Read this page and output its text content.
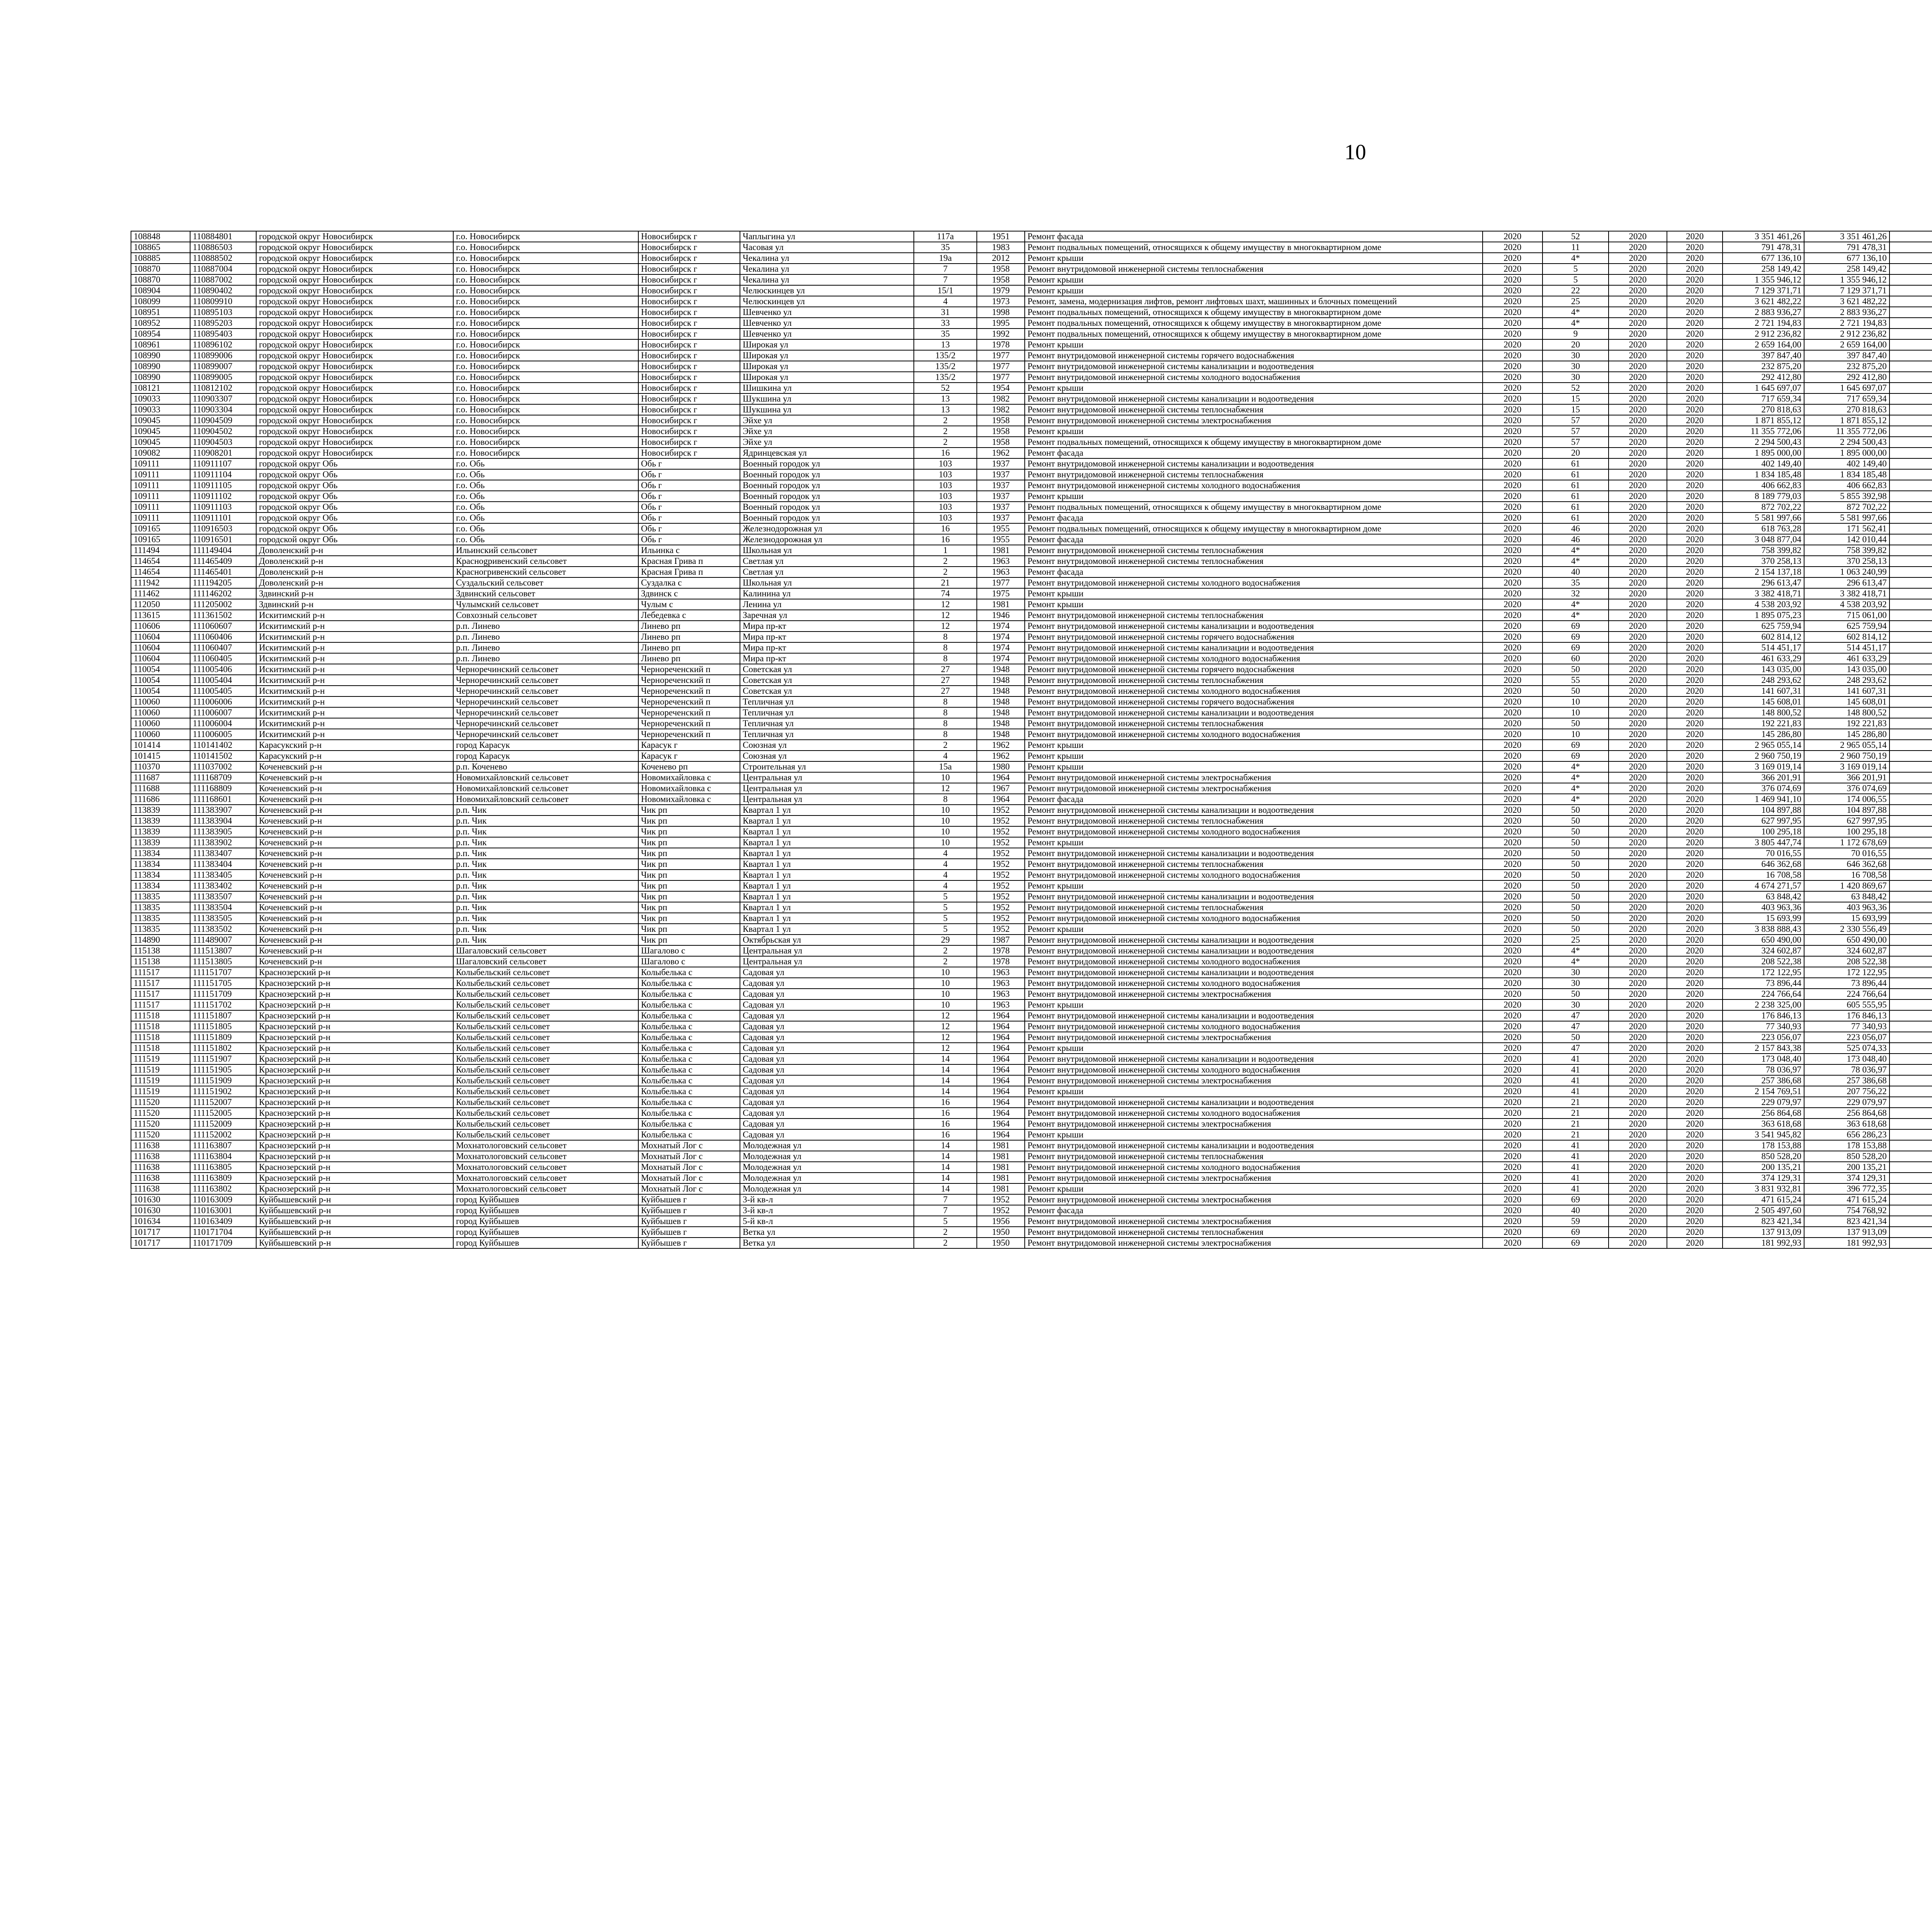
10
108848	110884801	городской округ Новосибирск	г.о. Новосибирск	Новосибирск г	Чаплыгина ул	117а	1951	Ремонт фасада	2020	52	2020	2020	3 351 461,26	3 351 461,26					
108865	110886503	городской округ Новосибирск	г.о. Новосибирск	Новосибирск г	Часовая ул	35	1983	Ремонт подвальных помещений, относящихся к общему имуществу в многоквартирном доме	2020	11	2020	2020	791 478,31	791 478,31					
108885	110888502	городской округ Новосибирск	г.о. Новосибирск	Новосибирск г	Чекалина ул	19а	2012	Ремонт крыши	2020	4*	2020	2020	677 136,10	677 136,10					
108870	110887004	городской округ Новосибирск	г.о. Новосибирск	Новосибирск г	Чекалина ул	7	1958	Ремонт внутридомовой инженерной системы теплоснабжения	2020	5	2020	2020	258 149,42	258 149,42					
108870	110887002	городской округ Новосибирск	г.о. Новосибирск	Новосибирск г	Чекалина ул	7	1958	Ремонт крыши	2020	5	2020	2020	1 355 946,12	1 355 946,12					
108904	110890402	городской округ Новосибирск	г.о. Новосибирск	Новосибирск г	Челюскинцев ул	15/1	1979	Ремонт крыши	2020	22	2020	2020	7 129 371,71	7 129 371,71					
108099	110809910	городской округ Новосибирск	г.о. Новосибирск	Новосибирск г	Челюскинцев ул	4	1973	Ремонт, замена, модернизация лифтов, ремонт лифтовых шахт, машинных и блочных помещений	2020	25	2020	2020	3 621 482,22	3 621 482,22					
108951	110895103	городской округ Новосибирск	г.о. Новосибирск	Новосибирск г	Шевченко ул	31	1998	Ремонт подвальных помещений, относящихся к общему имуществу в многоквартирном доме	2020	4*	2020	2020	2 883 936,27	2 883 936,27					
108952	110895203	городской округ Новосибирск	г.о. Новосибирск	Новосибирск г	Шевченко ул	33	1995	Ремонт подвальных помещений, относящихся к общему имуществу в многоквартирном доме	2020	4*	2020	2020	2 721 194,83	2 721 194,83					
108954	110895403	городской округ Новосибирск	г.о. Новосибирск	Новосибирск г	Шевченко ул	35	1992	Ремонт подвальных помещений, относящихся к общему имуществу в многоквартирном доме	2020	9	2020	2020	2 912 236,82	2 912 236,82					
108961	110896102	городской округ Новосибирск	г.о. Новосибирск	Новосибирск г	Широкая ул	13	1978	Ремонт крыши	2020	20	2020	2020	2 659 164,00	2 659 164,00					
108990	110899006	городской округ Новосибирск	г.о. Новосибирск	Новосибирск г	Широкая ул	135/2	1977	Ремонт внутридомовой инженерной системы горячего водоснабжения	2020	30	2020	2020	397 847,40	397 847,40					
108990	110899007	городской округ Новосибирск	г.о. Новосибирск	Новосибирск г	Широкая ул	135/2	1977	Ремонт внутридомовой инженерной системы канализации и водоотведения	2020	30	2020	2020	232 875,20	232 875,20					
108990	110899005	городской округ Новосибирск	г.о. Новосибирск	Новосибирск г	Широкая ул	135/2	1977	Ремонт внутридомовой инженерной системы холодного водоснабжения	2020	30	2020	2020	292 412,80	292 412,80					
108121	110812102	городской округ Новосибирск	г.о. Новосибирск	Новосибирск г	Шишкина ул	52	1954	Ремонт крыши	2020	52	2020	2020	1 645 697,07	1 645 697,07					
109033	110903307	городской округ Новосибирск	г.о. Новосибирск	Новосибирск г	Шукшина ул	13	1982	Ремонт внутридомовой инженерной системы канализации и водоотведения	2020	15	2020	2020	717 659,34	717 659,34					
109033	110903304	городской округ Новосибирск	г.о. Новосибирск	Новосибирск г	Шукшина ул	13	1982	Ремонт внутридомовой инженерной системы теплоснабжения	2020	15	2020	2020	270 818,63	270 818,63					
109045	110904509	городской округ Новосибирск	г.о. Новосибирск	Новосибирск г	Эйхе ул	2	1958	Ремонт внутридомовой инженерной системы электроснабжения	2020	57	2020	2020	1 871 855,12	1 871 855,12					
109045	110904502	городской округ Новосибирск	г.о. Новосибирск	Новосибирск г	Эйхе ул	2	1958	Ремонт крыши	2020	57	2020	2020	11 355 772,06	11 355 772,06					
109045	110904503	городской округ Новосибирск	г.о. Новосибирск	Новосибирск г	Эйхе ул	2	1958	Ремонт подвальных помещений, относящихся к общему имуществу в многоквартирном доме	2020	57	2020	2020	2 294 500,43	2 294 500,43					
109082	110908201	городской округ Новосибирск	г.о. Новосибирск	Новосибирск г	Ядринцевская ул	16	1962	Ремонт фасада	2020	20	2020	2020	1 895 000,00	1 895 000,00					
109111	110911107	городской округ Обь	г.о. Обь	Обь г	Военный городок ул	103	1937	Ремонт внутридомовой инженерной системы канализации и водоотведения	2020	61	2020	2020	402 149,40	402 149,40					
109111	110911104	городской округ Обь	г.о. Обь	Обь г	Военный городок ул	103	1937	Ремонт внутридомовой инженерной системы теплоснабжения	2020	61	2020	2020	1 834 185,48	1 834 185,48					
109111	110911105	городской округ Обь	г.о. Обь	Обь г	Военный городок ул	103	1937	Ремонт внутридомовой инженерной системы холодного водоснабжения	2020	61	2020	2020	406 662,83	406 662,83					
109111	110911102	городской округ Обь	г.о. Обь	Обь г	Военный городок ул	103	1937	Ремонт крыши	2020	61	2020	2020	8 189 779,03	5 855 392,98					
109111	110911103	городской округ Обь	г.о. Обь	Обь г	Военный городок ул	103	1937	Ремонт подвальных помещений, относящихся к общему имуществу в многоквартирном доме	2020	61	2020	2020	872 702,22	872 702,22					
109111	110911101	городской округ Обь	г.о. Обь	Обь г	Военный городок ул	103	1937	Ремонт фасада	2020	61	2020	2020	5 581 997,66	5 581 997,66					
109165	110916503	городской округ Обь	г.о. Обь	Обь г	Железнодорожная ул	16	1955	Ремонт подвальных помещений, относящихся к общему имуществу в многоквартирном доме	2020	46	2020	2020	618 763,28	171 562,41					
109165	110916501	городской округ Обь	г.о. Обь	Обь г	Железнодорожная ул	16	1955	Ремонт фасада	2020	46	2020	2020	3 048 877,04	142 010,44					
111494	111149404	Доволенский р-н	Ильинский сельсовет	Ильинка с	Школьная ул	1	1981	Ремонт внутридомовой инженерной системы теплоснабжения	2020	4*	2020	2020	758 399,82	758 399,82					
114654	111465409	Доволенский р-н	Краснogривенский сельсовет	Красная Грива п	Светлая ул	2	1963	Ремонт внутридомовой инженерной системы теплоснабжения	2020	4*	2020	2020	370 258,13	370 258,13					
114654	111465401	Доволенский р-н	Красногривенский сельсовет	Красная Грива п	Светлая ул	2	1963	Ремонт фасада	2020	40	2020	2020	2 154 137,18	1 063 240,99					
111942	111194205	Доволенский р-н	Суздальский сельсовет	Суздалка с	Школьная ул	21	1977	Ремонт внутридомовой инженерной системы холодного водоснабжения	2020	35	2020	2020	296 613,47	296 613,47					
111462	111146202	Здвинский р-н	Здвинский сельсовет	Здвинск с	Калинина ул	74	1975	Ремонт крыши	2020	32	2020	2020	3 382 418,71	3 382 418,71					
112050	111205002	Здвинский р-н	Чулымский сельсовет	Чулым с	Ленина ул	12	1981	Ремонт крыши	2020	4*	2020	2020	4 538 203,92	4 538 203,92					
113615	111361502	Искитимский р-н	Совхозный сельсовет	Лебедевка с	Заречная ул	12	1946	Ремонт внутридомовой инженерной системы теплоснабжения	2020	4*	2020	2020	1 895 075,23	715 061,00					
110606	111060607	Искитимский р-н	р.п. Линево	Линево рп	Мира пр-кт	12	1974	Ремонт внутридомовой инженерной системы канализации и водоотведения	2020	69	2020	2020	625 759,94	625 759,94					
110604	111060406	Искитимский р-н	р.п. Линево	Линево рп	Мира пр-кт	8	1974	Ремонт внутридомовой инженерной системы горячего водоснабжения	2020	69	2020	2020	602 814,12	602 814,12					
110604	111060407	Искитимский р-н	р.п. Линево	Линево рп	Мира пр-кт	8	1974	Ремонт внутридомовой инженерной системы канализации и водоотведения	2020	69	2020	2020	514 451,17	514 451,17					
110604	111060405	Искитимский р-н	р.п. Линево	Линево рп	Мира пр-кт	8	1974	Ремонт внутридомовой инженерной системы холодного водоснабжения	2020	60	2020	2020	461 633,29	461 633,29					
110054	111005406	Искитимский р-н	Черноречинский сельсовет	Чернореченский п	Советская ул	27	1948	Ремонт внутридомовой инженерной системы горячего водоснабжения	2020	50	2020	2020	143 035,00	143 035,00					
110054	111005404	Искитимский р-н	Черноречинский сельсовет	Чернореченский п	Советская ул	27	1948	Ремонт внутридомовой инженерной системы теплоснабжения	2020	55	2020	2020	248 293,62	248 293,62					
110054	111005405	Искитимский р-н	Черноречинский сельсовет	Чернореченский п	Советская ул	27	1948	Ремонт внутридомовой инженерной системы холодного водоснабжения	2020	50	2020	2020	141 607,31	141 607,31					
110060	111006006	Искитимский р-н	Черноречинский сельсовет	Чернореченский п	Тепличная ул	8	1948	Ремонт внутридомовой инженерной системы горячего водоснабжения	2020	10	2020	2020	145 608,01	145 608,01					
110060	111006007	Искитимский р-н	Черноречинский сельсовет	Чернореченский п	Тепличная ул	8	1948	Ремонт внутридомовой инженерной системы канализации и водоотведения	2020	10	2020	2020	148 800,52	148 800,52					
110060	111006004	Искитимский р-н	Черноречинский сельсовет	Чернореченский п	Тепличная ул	8	1948	Ремонт внутридомовой инженерной системы теплоснабжения	2020	50	2020	2020	192 221,83	192 221,83					
110060	111006005	Искитимский р-н	Черноречинский сельсовет	Чернореченский п	Тепличная ул	8	1948	Ремонт внутридомовой инженерной системы холодного водоснабжения	2020	10	2020	2020	145 286,80	145 286,80					
101414	110141402	Карасукский р-н	город Карасук	Карасук г	Союзная ул	2	1962	Ремонт крыши	2020	69	2020	2020	2 965 055,14	2 965 055,14					
101415	110141502	Карасукский р-н	город Карасук	Карасук г	Союзная ул	4	1962	Ремонт крыши	2020	69	2020	2020	2 960 750,19	2 960 750,19					
110370	111037002	Коченевский р-н	р.п. Коченево	Коченево рп	Строительная ул	15а	1980	Ремонт крыши	2020	4*	2020	2020	3 169 019,14	3 169 019,14					
111687	111168709	Коченевский р-н	Новомихайловский сельсовет	Новомихайловка с	Центральная ул	10	1964	Ремонт внутридомовой инженерной системы электроснабжения	2020	4*	2020	2020	366 201,91	366 201,91					
111688	111168809	Коченевский р-н	Новомихайловский сельсовет	Новомихайловка с	Центральная ул	12	1967	Ремонт внутридомовой инженерной системы электроснабжения	2020	4*	2020	2020	376 074,69	376 074,69					
111686	111168601	Коченевский р-н	Новомихайловский сельсовет	Новомихайловка с	Центральная ул	8	1964	Ремонт фасада	2020	4*	2020	2020	1 469 941,10	174 006,55					
113839	111383907	Коченевский р-н	р.п. Чик	Чик рп	Квартал 1 ул	10	1952	Ремонт внутридомовой инженерной системы канализации и водоотведения	2020	50	2020	2020	104 897,88	104 897,88					
113839	111383904	Коченевский р-н	р.п. Чик	Чик рп	Квартал 1 ул	10	1952	Ремонт внутридомовой инженерной системы теплоснабжения	2020	50	2020	2020	627 997,95	627 997,95					
113839	111383905	Коченевский р-н	р.п. Чик	Чик рп	Квартал 1 ул	10	1952	Ремонт внутридомовой инженерной системы холодного водоснабжения	2020	50	2020	2020	100 295,18	100 295,18					
113839	111383902	Коченевский р-н	р.п. Чик	Чик рп	Квартал 1 ул	10	1952	Ремонт крыши	2020	50	2020	2020	3 805 447,74	1 172 678,69					
113834	111383407	Коченевский р-н	р.п. Чик	Чик рп	Квартал 1 ул	4	1952	Ремонт внутридомовой инженерной системы канализации и водоотведения	2020	50	2020	2020	70 016,55	70 016,55					
113834	111383404	Коченевский р-н	р.п. Чик	Чик рп	Квартал 1 ул	4	1952	Ремонт внутридомовой инженерной системы теплоснабжения	2020	50	2020	2020	646 362,68	646 362,68					
113834	111383405	Коченевский р-н	р.п. Чик	Чик рп	Квартал 1 ул	4	1952	Ремонт внутридомовой инженерной системы холодного водоснабжения	2020	50	2020	2020	16 708,58	16 708,58					
113834	111383402	Коченевский р-н	р.п. Чик	Чик рп	Квартал 1 ул	4	1952	Ремонт крыши	2020	50	2020	2020	4 674 271,57	1 420 869,67					
113835	111383507	Коченевский р-н	р.п. Чик	Чик рп	Квартал 1 ул	5	1952	Ремонт внутридомовой инженерной системы канализации и водоотведения	2020	50	2020	2020	63 848,42	63 848,42					
113835	111383504	Коченевский р-н	р.п. Чик	Чик рп	Квартал 1 ул	5	1952	Ремонт внутридомовой инженерной системы теплоснабжения	2020	50	2020	2020	403 963,36	403 963,36					
113835	111383505	Коченевский р-н	р.п. Чик	Чик рп	Квартал 1 ул	5	1952	Ремонт внутридомовой инженерной системы холодного водоснабжения	2020	50	2020	2020	15 693,99	15 693,99					
113835	111383502	Коченевский р-н	р.п. Чик	Чик рп	Квартал 1 ул	5	1952	Ремонт крыши	2020	50	2020	2020	3 838 888,43	2 330 556,49					
114890	111489007	Коченевский р-н	р.п. Чик	Чик рп	Октябрьская ул	29	1987	Ремонт внутридомовой инженерной системы канализации и водоотведения	2020	25	2020	2020	650 490,00	650 490,00					
115138	111513807	Коченевский р-н	Шагаловский сельсовет	Шагалово с	Центральная ул	2	1978	Ремонт внутридомовой инженерной системы канализации и водоотведения	2020	4*	2020	2020	324 602,87	324 602,87					
115138	111513805	Коченевский р-н	Шагаловский сельсовет	Шагалово с	Центральная ул	2	1978	Ремонт внутридомовой инженерной системы холодного водоснабжения	2020	4*	2020	2020	208 522,38	208 522,38					
111517	111151707	Краснозерский р-н	Колыбельский сельсовет	Колыбелька с	Садовая ул	10	1963	Ремонт внутридомовой инженерной системы канализации и водоотведения	2020	30	2020	2020	172 122,95	172 122,95					
111517	111151705	Краснозерский р-н	Колыбельский сельсовет	Колыбелька с	Садовая ул	10	1963	Ремонт внутридомовой инженерной системы холодного водоснабжения	2020	30	2020	2020	73 896,44	73 896,44					
111517	111151709	Краснозерский р-н	Колыбельский сельсовет	Колыбелька с	Садовая ул	10	1963	Ремонт внутридомовой инженерной системы электроснабжения	2020	50	2020	2020	224 766,64	224 766,64					
111517	111151702	Краснозерский р-н	Колыбельский сельсовет	Колыбелька с	Садовая ул	10	1963	Ремонт крыши	2020	30	2020	2020	2 238 325,00	605 555,95					
111518	111151807	Краснозерский р-н	Колыбельский сельсовет	Колыбелька с	Садовая ул	12	1964	Ремонт внутридомовой инженерной системы канализации и водоотведения	2020	47	2020	2020	176 846,13	176 846,13					
111518	111151805	Краснозерский р-н	Колыбельский сельсовет	Колыбелька с	Садовая ул	12	1964	Ремонт внутридомовой инженерной системы холодного водоснабжения	2020	47	2020	2020	77 340,93	77 340,93					
111518	111151809	Краснозерский р-н	Колыбельский сельсовет	Колыбелька с	Садовая ул	12	1964	Ремонт внутридомовой инженерной системы электроснабжения	2020	50	2020	2020	223 056,07	223 056,07					
111518	111151802	Краснозерский р-н	Колыбельский сельсовет	Колыбелька с	Садовая ул	12	1964	Ремонт крыши	2020	47	2020	2020	2 157 843,38	525 074,33					
111519	111151907	Краснозерский р-н	Колыбельский сельсовет	Колыбелька с	Садовая ул	14	1964	Ремонт внутридомовой инженерной системы канализации и водоотведения	2020	41	2020	2020	173 048,40	173 048,40					
111519	111151905	Краснозерский р-н	Колыбельский сельсовет	Колыбелька с	Садовая ул	14	1964	Ремонт внутридомовой инженерной системы холодного водоснабжения	2020	41	2020	2020	78 036,97	78 036,97					
111519	111151909	Краснозерский р-н	Колыбельский сельсовет	Колыбелька с	Садовая ул	14	1964	Ремонт внутридомовой инженерной системы электроснабжения	2020	41	2020	2020	257 386,68	257 386,68					
111519	111151902	Краснозерский р-н	Колыбельский сельсовет	Колыбелька с	Садовая ул	14	1964	Ремонт крыши	2020	41	2020	2020	2 154 769,51	207 756,22					
111520	111152007	Краснозерский р-н	Колыбельский сельсовет	Колыбелька с	Садовая ул	16	1964	Ремонт внутридомовой инженерной системы канализации и водоотведения	2020	21	2020	2020	229 079,97	229 079,97					
111520	111152005	Краснозерский р-н	Колыбельский сельсовет	Колыбелька с	Садовая ул	16	1964	Ремонт внутридомовой инженерной системы холодного водоснабжения	2020	21	2020	2020	256 864,68	256 864,68					
111520	111152009	Краснозерский р-н	Колыбельский сельсовет	Колыбелька с	Садовая ул	16	1964	Ремонт внутридомовой инженерной системы электроснабжения	2020	21	2020	2020	363 618,68	363 618,68					
111520	111152002	Краснозерский р-н	Колыбельский сельсовет	Колыбелька с	Садовая ул	16	1964	Ремонт крыши	2020	21	2020	2020	3 541 945,82	656 286,23					
111638	111163807	Краснозерский р-н	Мохнатологовский сельсовет	Мохнатый Лог с	Молодежная ул	14	1981	Ремонт внутридомовой инженерной системы канализации и водоотведения	2020	41	2020	2020	178 153,88	178 153,88					
111638	111163804	Краснозерский р-н	Мохнатологовский сельсовет	Мохнатый Лог с	Молодежная ул	14	1981	Ремонт внутридомовой инженерной системы теплоснабжения	2020	41	2020	2020	850 528,20	850 528,20					
111638	111163805	Краснозерский р-н	Мохнатологовский сельсовет	Мохнатый Лог с	Молодежная ул	14	1981	Ремонт внутридомовой инженерной системы холодного водоснабжения	2020	41	2020	2020	200 135,21	200 135,21					
111638	111163809	Краснозерский р-н	Мохнатологовский сельсовет	Мохнатый Лог с	Молодежная ул	14	1981	Ремонт внутридомовой инженерной системы электроснабжения	2020	41	2020	2020	374 129,31	374 129,31					
111638	111163802	Краснозерский р-н	Мохнатологовский сельсовет	Мохнатый Лог с	Молодежная ул	14	1981	Ремонт крыши	2020	41	2020	2020	3 831 932,81	396 772,35					
101630	110163009	Куйбышевский р-н	город Куйбышев	Куйбышев г	3-й кв-л	7	1952	Ремонт внутридомовой инженерной системы электроснабжения	2020	69	2020	2020	471 615,24	471 615,24					
101630	110163001	Куйбышевский р-н	город Куйбышев	Куйбышев г	3-й кв-л	7	1952	Ремонт фасада	2020	40	2020	2020	2 505 497,60	754 768,92					
101634	110163409	Куйбышевский р-н	город Куйбышев	Куйбышев г	5-й кв-л	5	1956	Ремонт внутридомовой инженерной системы электроснабжения	2020	59	2020	2020	823 421,34	823 421,34					
101717	110171704	Куйбышевский р-н	город Куйбышев	Куйбышев г	Ветка ул	2	1950	Ремонт внутридомовой инженерной системы теплоснабжения	2020	69	2020	2020	137 913,09	137 913,09					
101717	110171709	Куйбышевский р-н	город Куйбышев	Куйбышев г	Ветка ул	2	1950	Ремонт внутридомовой инженерной системы электроснабжения	2020	69	2020	2020	181 992,93	181 992,93					
